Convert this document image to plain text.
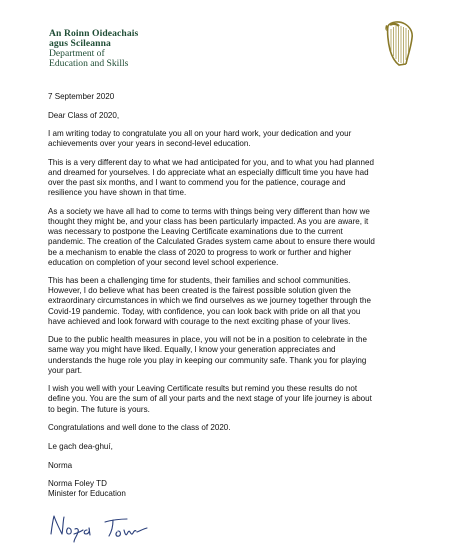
An Roinn Oideachais
agus Scileanna
Department of
Education and Skills

7 September 2020

Dear Class of 2020,

I am writing today to congratulate you all on your hard work, your dedication and your
achievements over your years in second-level education.

This is a very different day to what we had anticipated for you, and to what you had planned
and dreamed for yourselves. I do appreciate what an especially difficult time you have had
over the past six months, and I want to commend you for the patience, courage and
resilience you have shown in that time.

As a society we have all had to come to terms with things being very different than how we
thought they might be, and your class has been particularly impacted. As you are aware, it
was necessary to postpone the Leaving Certificate examinations due to the current
pandemic. The creation of the Calculated Grades system came about to ensure there would
be a mechanism to enable the class of 2020 to progress to work or further and higher
education on completion of your second level school experience.

This has been a challenging time for students, their families and school communities.
However, I do believe what has been created is the fairest possible solution given the
extraordinary circumstances in which we find ourselves as we journey together through the
Covid-19 pandemic. Today, with confidence, you can look back with pride on all that you
have achieved and look forward with courage to the next exciting phase of your lives.

Due to the public health measures in place, you will not be in a position to celebrate in the
same way you might have liked. Equally, I know your generation appreciates and
understands the huge role you play in keeping our community safe. Thank you for playing
your part.

I wish you well with your Leaving Certificate results but remind you these results do not
define you. You are the sum of all your parts and the next stage of your life journey is about
to begin. The future is yours.

Congratulations and well done to the class of 2020.

Le gach dea-ghuí,

Norma

Norma Foley TD
Minister for Education
